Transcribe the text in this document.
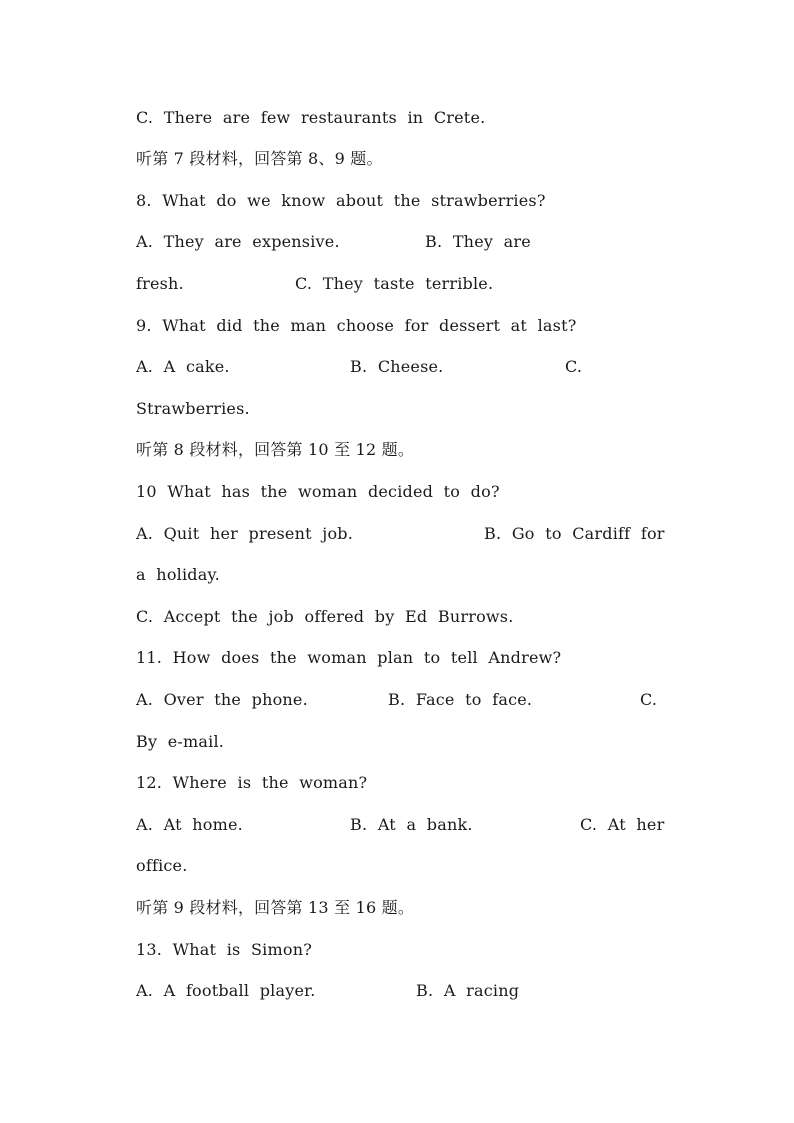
C.  There  are  few  restaurants  in  Crete.
听第 7 段材料，回答第 8、9 题。
8.  What  do  we  know  about  the  strawberries?
A.  They  are  expensive.	B.  They  are
fresh.	C.  They  taste  terrible.
9.  What  did  the  man  choose  for  dessert  at  last?
A.  A  cake.	B.  Cheese.	C.
Strawberries.
听第 8 段材料，回答第 10 至 12 题。
10  What  has  the  woman  decided  to  do?
A.  Quit  her  present  job.	B.  Go  to  Cardiff  for
a  holiday.
C.  Accept  the  job  offered  by  Ed  Burrows.
11.  How  does  the  woman  plan  to  tell  Andrew?
A.  Over  the  phone.	B.  Face  to  face.	C.
By  e-mail.
12.  Where  is  the  woman?
A.  At  home.	B.  At  a  bank.	C.  At  her
office.
听第 9 段材料，回答第 13 至 16 题。
13.  What  is  Simon?
A.  A  football  player.	B.  A  racing
